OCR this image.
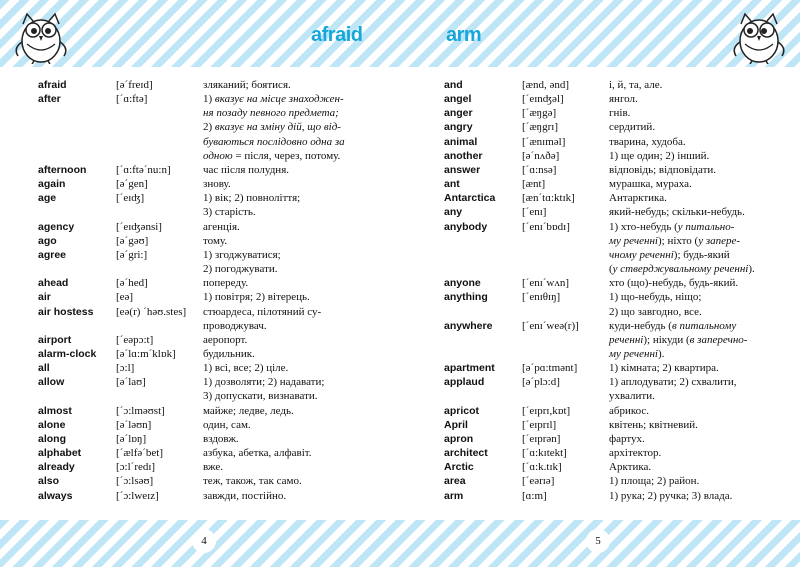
afraid	arm
afraid	[ə´freɪd]	зляканий; боятися.
after	[´ɑ:ftə]	1) вказує на місце знаходжен-
ня позаду певного предмета;
2) вказує на зміну дій, що від-
буваються послідовно одна за
одною = після, через, потому.
afternoon	[´ɑ:ftə´nu:n]	час після полудня.
again	[ə´gen]	знову.
age	[´eɪʤ]	1) вік; 2) повноліття;
3) старість.
agency	[´eɪʤənsi]	агенція.
ago	[ə´gəʊ]	тому.
agree	[ə´gri:]	1) згоджуватися;
2) погоджувати.
ahead	[ə´hed]	попереду.
air	[eə]	1) повітря; 2) вітерець.
air hostess [eə(r) ´həʊ.stes] стюардеса, пілотяний су-
проводжувач.
airport	[´eəpɔ:t]	аеропорт.
alarm-clock [ə´lɑ:m´klɒk] будильник.
all	[ɔ:l]	1) всі, все; 2) ціле.
allow	[ə´laʊ]	1) дозволяти; 2) надавати;
3) допускати, визнавати.
almost	[´ɔ:lməʊst]	майже; ледве, ледь.
alone	[ə´ləʊn]	один, сам.
along	[ə´lɒŋ]	вздовж.
alphabet	[´ælfə´bet]	азбука, абетка, алфавіт.
already	[ɔ:l´redɪ]	вже.
also	[´ɔ:lsəʊ]	теж, також, так само.
always	[´ɔ:lweɪz]	завжди, постійно.
and	[ænd, ənd]	і, й, та, але.
angel	[´eɪnʤəl]	янгол.
anger	[´æŋgə]	гнів.
angry	[´æŋgrɪ]	сердитий.
animal	[´ænɪməl]	тварина, худоба.
another	[ə´nʌðə]	1) ще один; 2) інший.
answer	[´ɑ:nsə]	відповідь; відповідати.
ant	[ænt]	мурашка, мураха.
Antarctica [æn´tɑ:ktɪk]	Антарктика.
any	[´enɪ]	який-небудь; скільки-небудь.
anybody	[´enɪ´bɒdɪ]	1) хто-небудь (у питально-
му реченні); ніхто (у запере-
чному реченні); будь-який
(у стверджувальному реченні).
anyone	[´enɪ´wʌn]	хто (що)-небудь, будь-який.
anything	[´enɪθɪŋ]	1) що-небудь, ніщо;
2) що завгодно, все.
anywhere	[´enɪ´weə(r)]	куди-небудь (в питальному
реченні); нікуди (в заперечно-
му реченні).
apartment [ə´pɑ:tmənt]	1) кімната; 2) квартира.
applaud	[ə´plɔ:d]	1) аплодувати; 2) схвалити,
ухвалити.
apricot	[´eɪprɪ,kɒt]	абрикос.
April	[´eɪprɪl]	квітень; квітневий.
apron	[´eɪprən]	фартух.
architect	[´ɑ:kɪtekt]	архітектор.
Arctic	[´ɑ:k.tɪk]	Арктика.
area	[´eərɪə]	1) площа; 2) район.
arm	[ɑ:m]	1) рука; 2) ручка; 3) влада.
4	5
